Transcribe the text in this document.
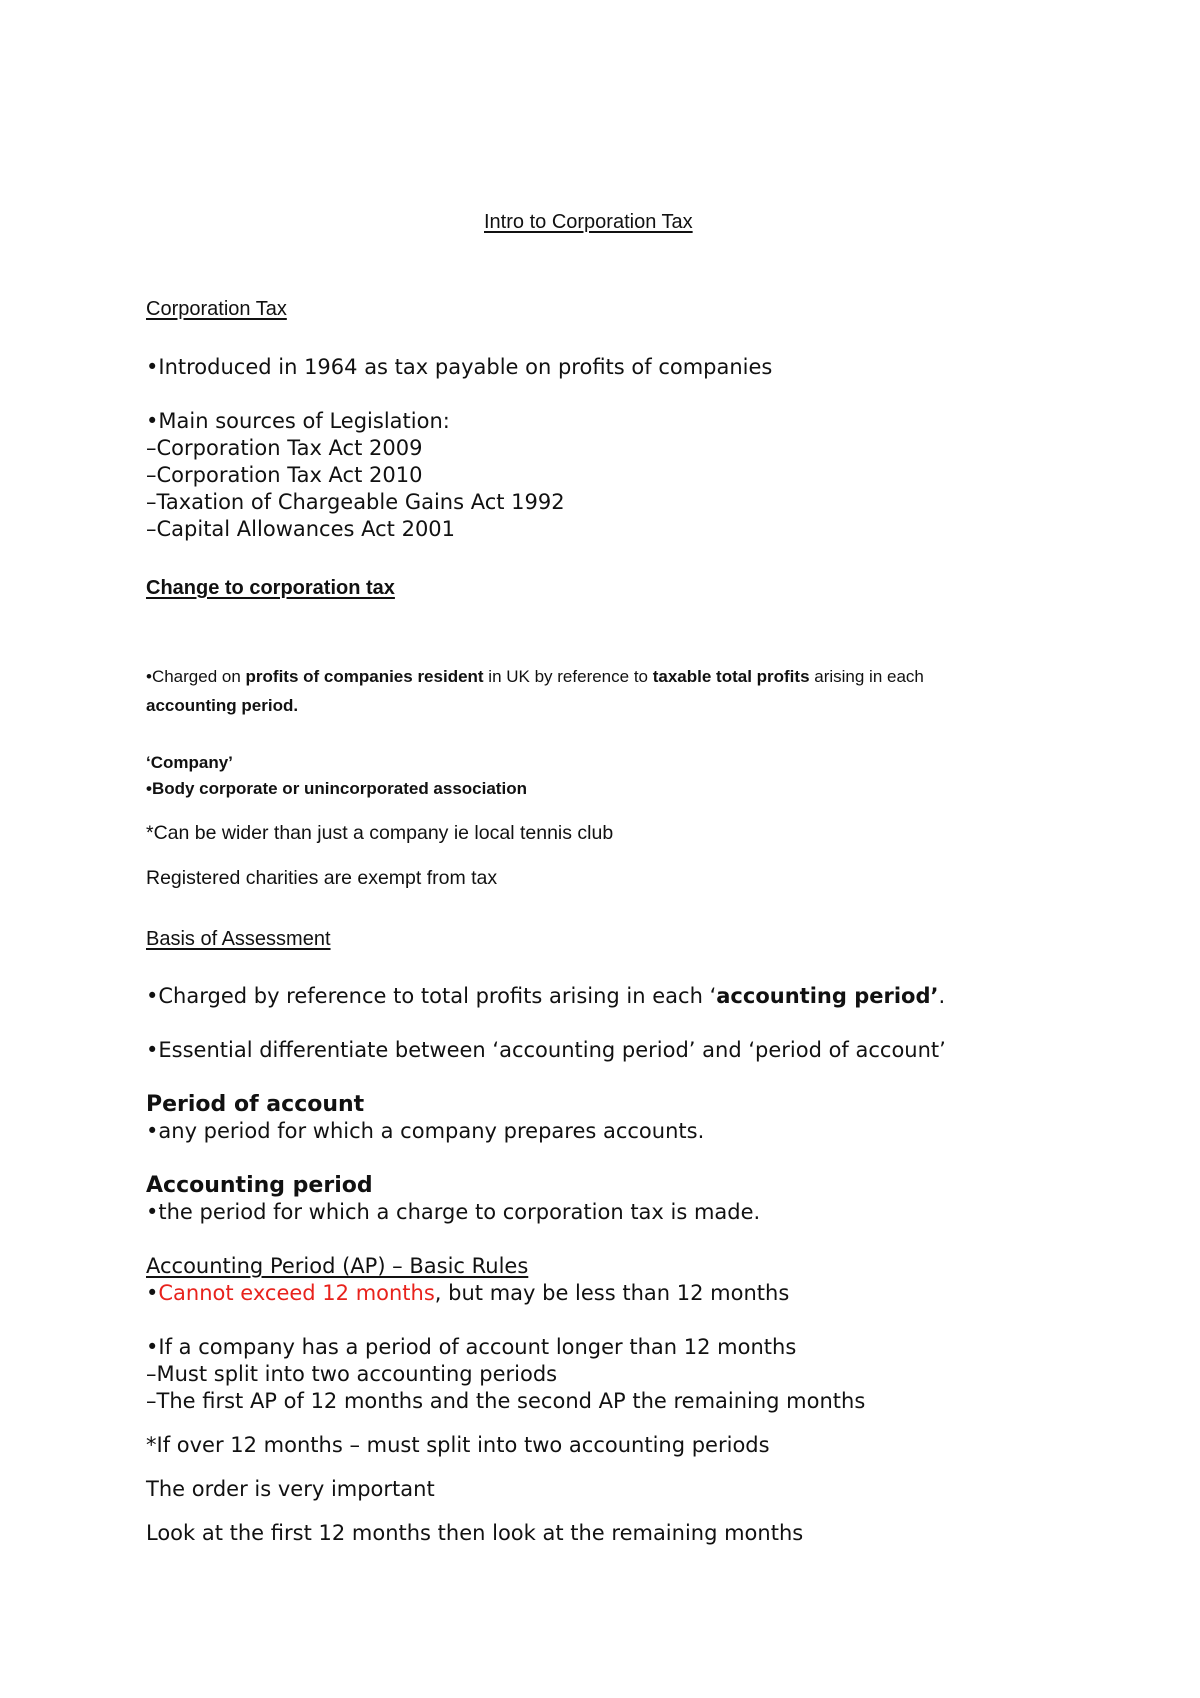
Intro to Corporation Tax
Corporation Tax
•Introduced in 1964 as tax payable on profits of companies
•Main sources of Legislation:
–Corporation Tax Act 2009
–Corporation Tax Act 2010
–Taxation of Chargeable Gains Act 1992
–Capital Allowances Act 2001
Change to corporation tax
•Charged on profits of companies resident in UK by reference to taxable total profits arising in each
accounting period.
‘Company’
•Body corporate or unincorporated association
*Can be wider than just a company ie local tennis club
Registered charities are exempt from tax
Basis of Assessment
•Charged by reference to total profits arising in each ‘accounting period’.
•Essential differentiate between ‘accounting period’ and ‘period of account’
Period of account
•any period for which a company prepares accounts.
Accounting period
•the period for which a charge to corporation tax is made.
Accounting Period (AP) – Basic Rules
•Cannot exceed 12 months, but may be less than 12 months
•If a company has a period of account longer than 12 months
–Must split into two accounting periods
–The first AP of 12 months and the second AP the remaining months
*If over 12 months – must split into two accounting periods
The order is very important
Look at the first 12 months then look at the remaining months
